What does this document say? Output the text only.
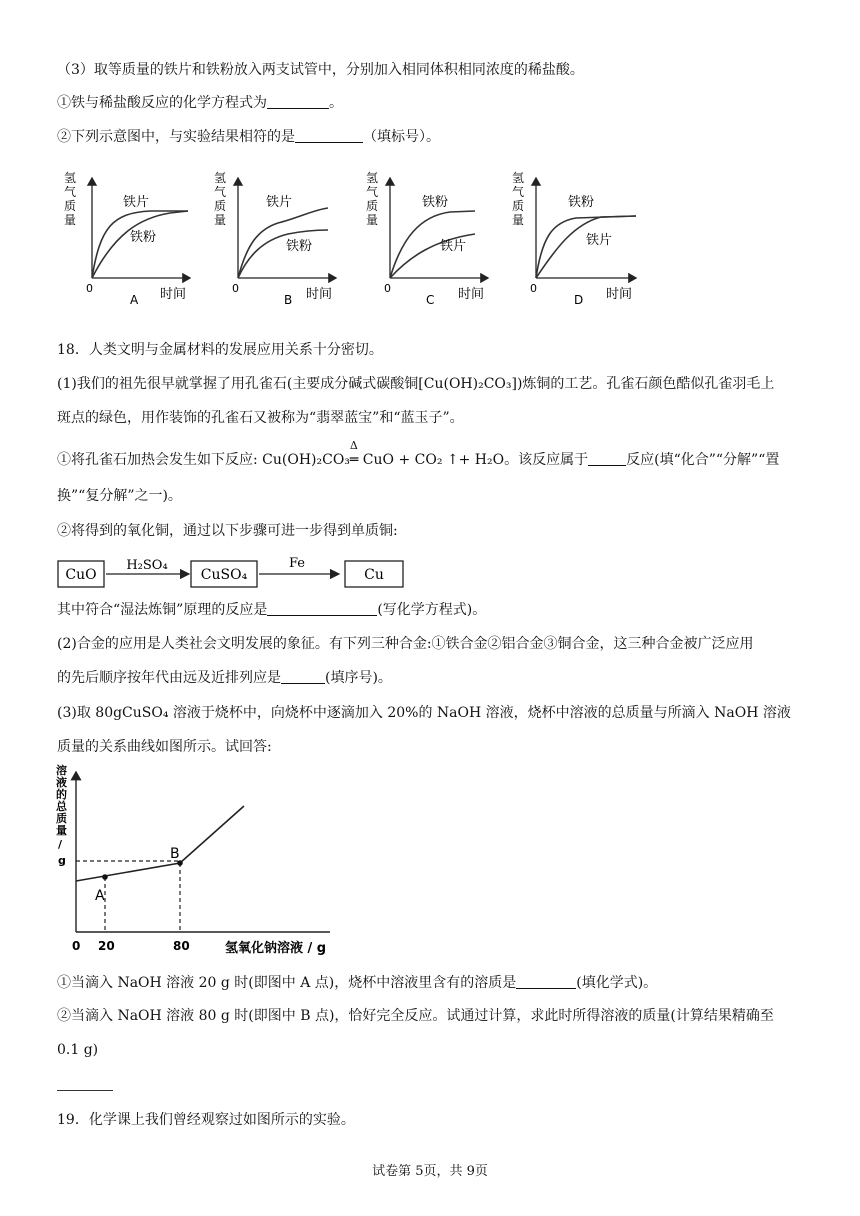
（3）取等质量的铁片和铁粉放入两支试管中，分别加入相同体积相同浓度的稀盐酸。
①铁与稀盐酸反应的化学方程式为	。
②下列示意图中，与实验结果相符的是	（填标号）。
氢
气
质
量
铁片
铁粉
0
A 时间
氢
气
质
量
铁片
铁粉
0
B 时间
氢
气
质
量
铁粉
铁片
0
C 时间
氢
气
质
量
铁粉
铁片
0
D 时间
18．人类文明与金属材料的发展应用关系十分密切。
(1)我们的祖先很早就掌握了用孔雀石(主要成分碱式碳酸铜[Cu(OH)₂CO₃])炼铜的工艺。孔雀石颜色酷似孔雀羽毛上
斑点的绿色，用作装饰的孔雀石又被称为“翡翠蓝宝”和“蓝玉子”。
①将孔雀石加热会发生如下反应: Cu(OH)₂CO₃
Δ
═ CuO + CO₂ ↑+ H₂O。该反应属于	反应(填“化合”“分解”“置
换”“复分解”之一)。
②将得到的氧化铜，通过以下步骤可进一步得到单质铜:
CuO
H₂SO₄
CuSO₄
Fe
Cu
其中符合“湿法炼铜”原理的反应是	(写化学方程式)。
(2)合金的应用是人类社会文明发展的象征。有下列三种合金:①铁合金②铝合金③铜合金，这三种合金被广泛应用
的先后顺序按年代由远及近排列应是	(填序号)。
(3)取 80gCuSO₄ 溶液于烧杯中，向烧杯中逐滴加入 20%的 NaOH 溶液，烧杯中溶液的总质量与所滴入 NaOH 溶液
质量的关系曲线如图所示。试回答:
溶
液
的
总
质
量
/
g
A
B
0 20	80	氢氧化钠溶液 / g
①当滴入 NaOH 溶液 20 g 时(即图中 A 点)，烧杯中溶液里含有的溶质是	(填化学式)。
②当滴入 NaOH 溶液 80 g 时(即图中 B 点)，恰好完全反应。试通过计算，求此时所得溶液的质量(计算结果精确至
0.1 g)
19．化学课上我们曾经观察过如图所示的实验。
试卷第 5页，共 9页
